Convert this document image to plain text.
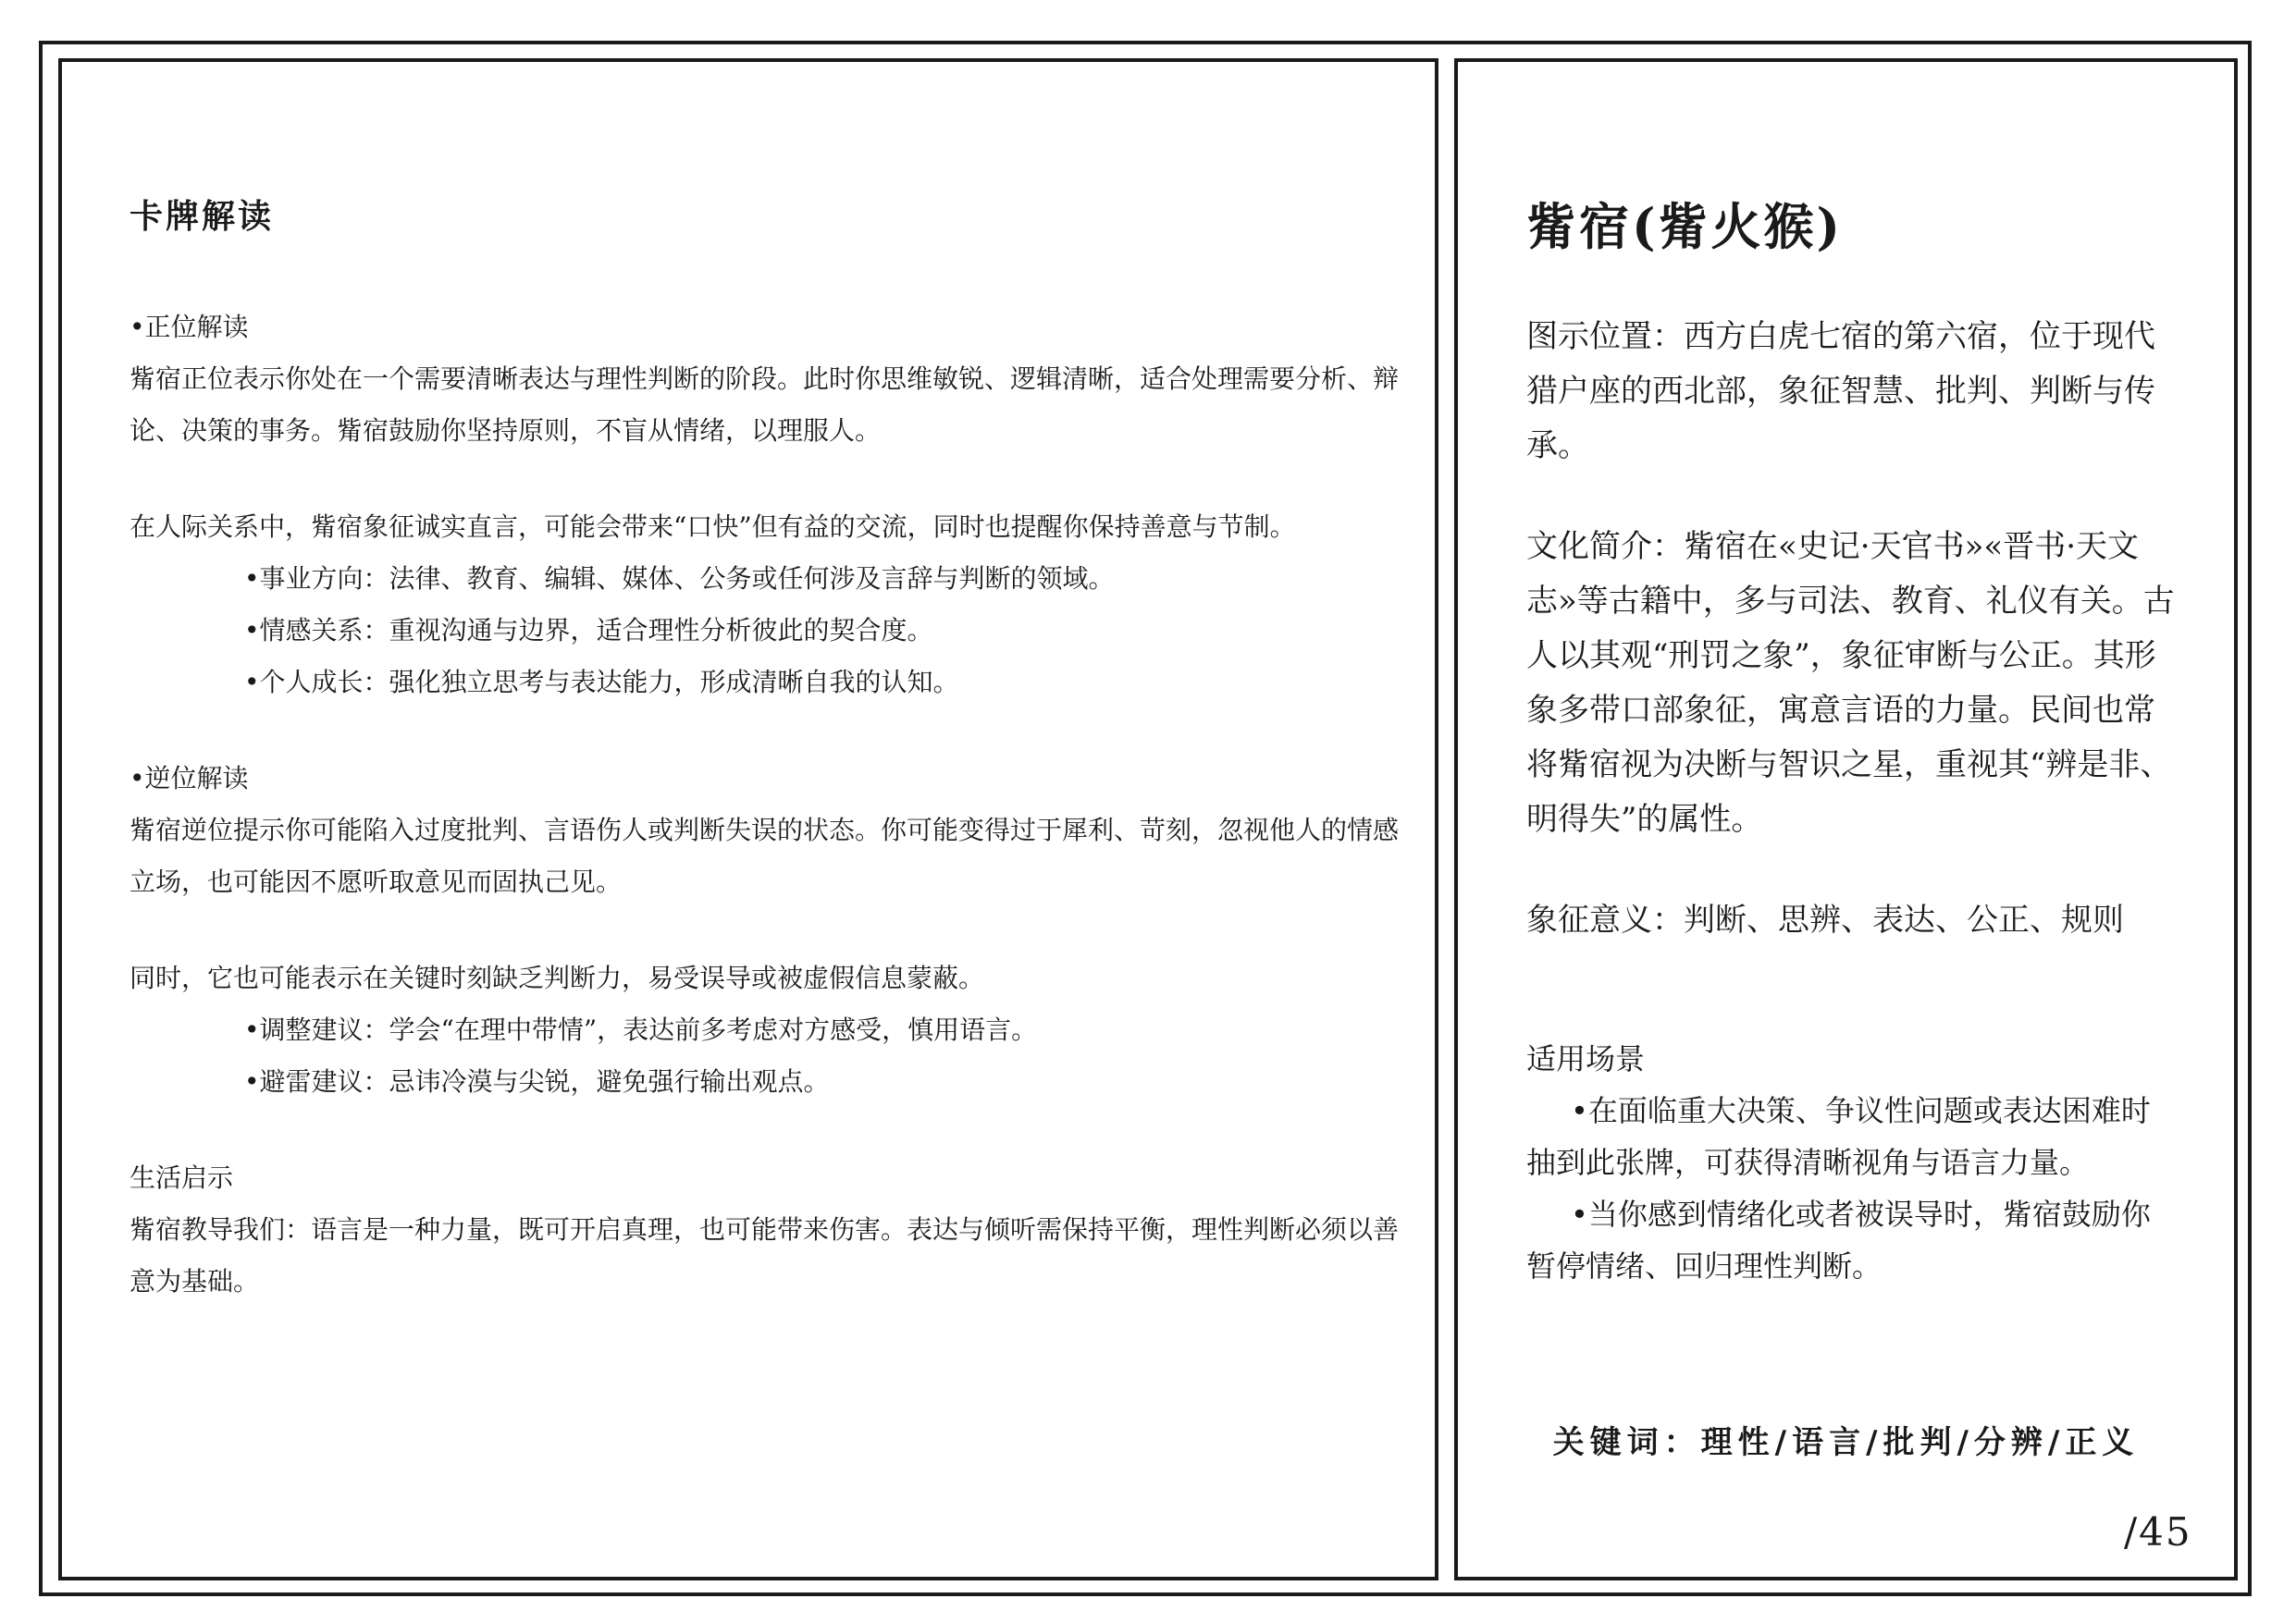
卡牌解读

•正位解读

觜宿正位表示你处在一个需要清晰表达与理性判断的阶段。此时你思维敏锐、逻辑清晰，适合处理需要分析、辩论、决策的事务。觜宿鼓励你坚持原则，不盲从情绪，以理服人。

在人际关系中，觜宿象征诚实直言，可能会带来“口快”但有益的交流，同时也提醒你保持善意与节制。

•事业方向：法律、教育、编辑、媒体、公务或任何涉及言辞与判断的领域。

•情感关系：重视沟通与边界，适合理性分析彼此的契合度。

•个人成长：强化独立思考与表达能力，形成清晰自我的认知。

•逆位解读

觜宿逆位提示你可能陷入过度批判、言语伤人或判断失误的状态。你可能变得过于犀利、苛刻，忽视他人的情感立场，也可能因不愿听取意见而固执己见。

同时，它也可能表示在关键时刻缺乏判断力，易受误导或被虚假信息蒙蔽。

•调整建议：学会“在理中带情”，表达前多考虑对方感受，慎用语言。

•避雷建议：忌讳冷漠与尖锐，避免强行输出观点。

生活启示

觜宿教导我们：语言是一种力量，既可开启真理，也可能带来伤害。表达与倾听需保持平衡，理性判断必须以善意为基础。

觜宿(觜火猴)

图示位置：西方白虎七宿的第六宿，位于现代猎户座的西北部，象征智慧、批判、判断与传承。

文化简介：觜宿在«史记·天官书»«晋书·天文志»等古籍中，多与司法、教育、礼仪有关。古人以其观“刑罚之象”，象征审断与公正。其形象多带口部象征，寓意言语的力量。民间也常将觜宿视为决断与智识之星，重视其“辨是非、明得失”的属性。

象征意义：判断、思辨、表达、公正、规则

适用场景

•在面临重大决策、争议性问题或表达困难时抽到此张牌，可获得清晰视角与语言力量。

•当你感到情绪化或者被误导时，觜宿鼓励你暂停情绪、回归理性判断。

关键词：理性/语言/批判/分辨/正义
/45
